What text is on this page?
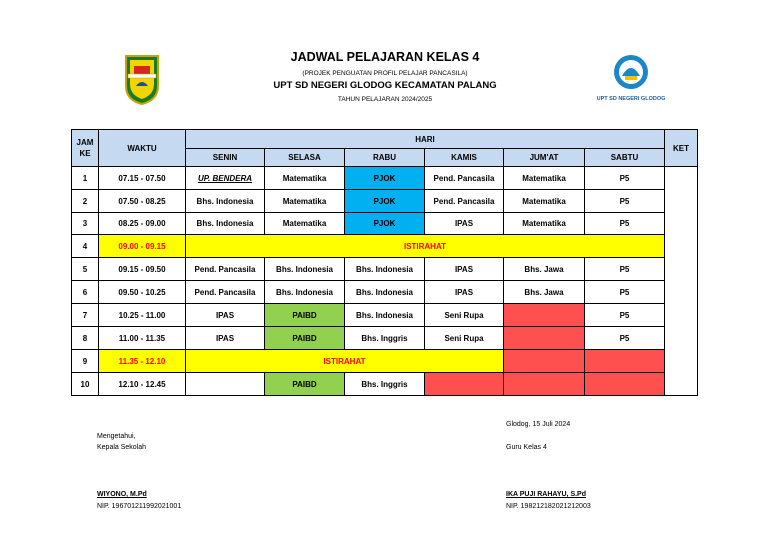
UPT SD NEGERI GLODOG
JADWAL PELAJARAN KELAS 4
(PROJEK PENGUATAN PROFIL PELAJAR PANCASILA)
UPT SD NEGERI GLODOG KECAMATAN PALANG
TAHUN PELAJARAN 2024/2025
JAM KE	WAKTU	HARI						KET
		SENIN	SELASA	RABU	KAMIS	JUM'AT	SABTU	
1	07.15 - 07.50	UP. BENDERA	Matematika	PJOK	Pend. Pancasila	Matematika	P5	
2	07.50 - 08.25	Bhs. Indonesia	Matematika	PJOK	Pend. Pancasila	Matematika	P5	
3	08.25 - 09.00	Bhs. Indonesia	Matematika	PJOK	IPAS	Matematika	P5	
4	09.00 - 09.15	ISTIRAHAT						
5	09.15 - 09.50	Pend. Pancasila	Bhs. Indonesia	Bhs. Indonesia	IPAS	Bhs. Jawa	P5	
6	09.50 - 10.25	Pend. Pancasila	Bhs. Indonesia	Bhs. Indonesia	IPAS	Bhs. Jawa	P5	
7	10.25 - 11.00	IPAS	PAIBD	Bhs. Indonesia	Seni Rupa		P5	
8	11.00 - 11.35	IPAS	PAIBD	Bhs. Inggris	Seni Rupa		P5	
9	11.35 - 12.10	ISTIRAHAT						
10	12.10 - 12.45		PAIBD	Bhs. Inggris				
Glodog, 15 Juli 2024
Mengetahui,
Kepala Sekolah	Guru Kelas 4
WIYONO, M.Pd
NIP. 196701211992021001
IKA PUJI RAHAYU, S.Pd
NIP. 198212182021212003
